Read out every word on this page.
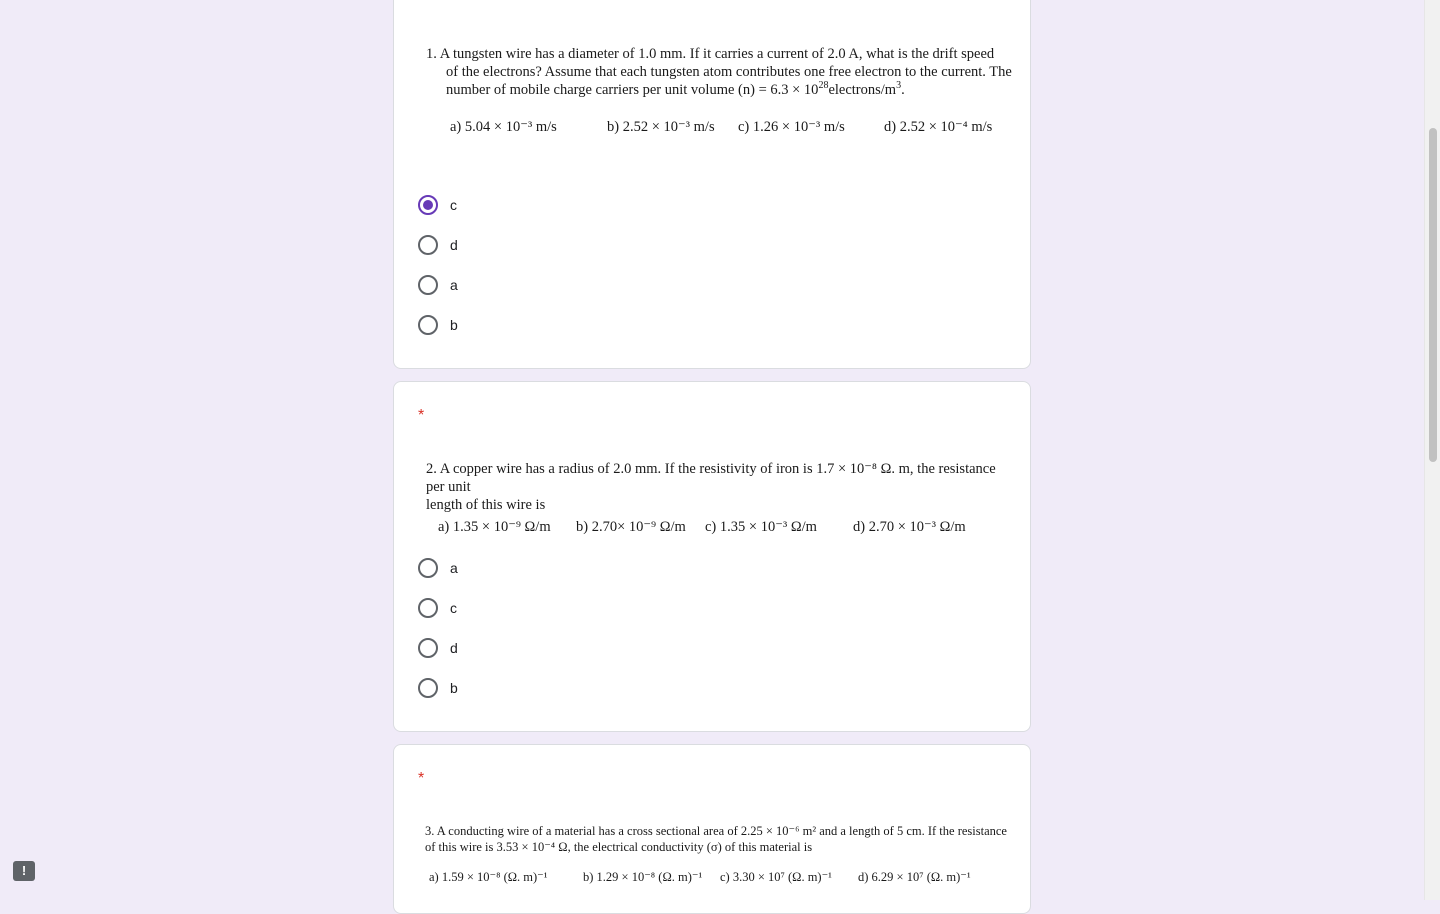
1. A tungsten wire has a diameter of 1.0 mm. If it carries a current of 2.0 A, what is the drift speed
of the electrons? Assume that each tungsten atom contributes one free electron to the current. The
number of mobile charge carriers per unit volume $(n) = 6.3 \times 10^{28}electrons/m^3$.
a) 5.04 × 10⁻³ m/s	b) 2.52 × 10⁻³ m/s c) 1.26 × 10⁻³ m/s	d) 2.52 × 10⁻⁴ m/s
c
d
a
b
*
2. A copper wire has a radius of 2.0 mm. If the resistivity of iron is 1.7 × 10⁻⁸ Ω. m, the resistance per unit
length of this wire is
a) 1.35 × 10⁻⁹ Ω/m b) 2.70× 10⁻⁹ Ω/m c) 1.35 × 10⁻³ Ω/m d) 2.70 × 10⁻³ Ω/m
a
c
d
b
*
3. A conducting wire of a material has a cross sectional area of 2.25 × 10⁻⁶ m² and a length of 5 cm. If the resistance
of this wire is 3.53 × 10⁻⁴ Ω, the electrical conductivity (σ) of this material is
a) 1.59 × 10⁻⁸ (Ω. m)⁻¹	b) 1.29 × 10⁻⁸ (Ω. m)⁻¹ c) 3.30 × 10⁷ (Ω. m)⁻¹ d) 6.29 × 10⁷ (Ω. m)⁻¹
!
